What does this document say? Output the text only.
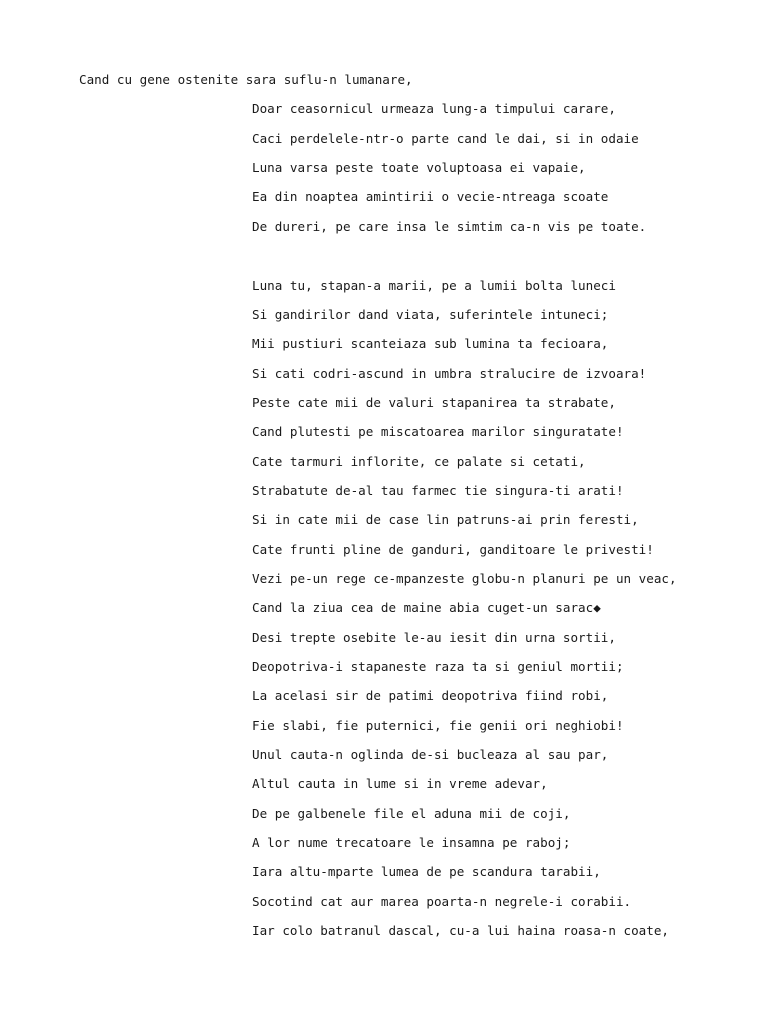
Cand cu gene ostenite sara suflu-n lumanare,
Doar ceasornicul urmeaza lung-a timpului carare,
Caci perdelele-ntr-o parte cand le dai, si in odaie
Luna varsa peste toate voluptoasa ei vapaie,
Ea din noaptea amintirii o vecie-ntreaga scoate
De dureri, pe care insa le simtim ca-n vis pe toate.
Luna tu, stapan-a marii, pe a lumii bolta luneci
Si gandirilor dand viata, suferintele intuneci;
Mii pustiuri scanteiaza sub lumina ta fecioara,
Si cati codri-ascund in umbra stralucire de izvoara!
Peste cate mii de valuri stapanirea ta strabate,
Cand plutesti pe miscatoarea marilor singuratate!
Cate tarmuri inflorite, ce palate si cetati,
Strabatute de-al tau farmec tie singura-ti arati!
Si in cate mii de case lin patruns-ai prin feresti,
Cate frunti pline de ganduri, ganditoare le privesti!
Vezi pe-un rege ce-mpanzeste globu-n planuri pe un veac,
Cand la ziua cea de maine abia cuget-un sarac◆
Desi trepte osebite le-au iesit din urna sortii,
Deopotriva-i stapaneste raza ta si geniul mortii;
La acelasi sir de patimi deopotriva fiind robi,
Fie slabi, fie puternici, fie genii ori neghiobi!
Unul cauta-n oglinda de-si bucleaza al sau par,
Altul cauta in lume si in vreme adevar,
De pe galbenele file el aduna mii de coji,
A lor nume trecatoare le insamna pe raboj;
Iara altu-mparte lumea de pe scandura tarabii,
Socotind cat aur marea poarta-n negrele-i corabii.
Iar colo batranul dascal, cu-a lui haina roasa-n coate,
